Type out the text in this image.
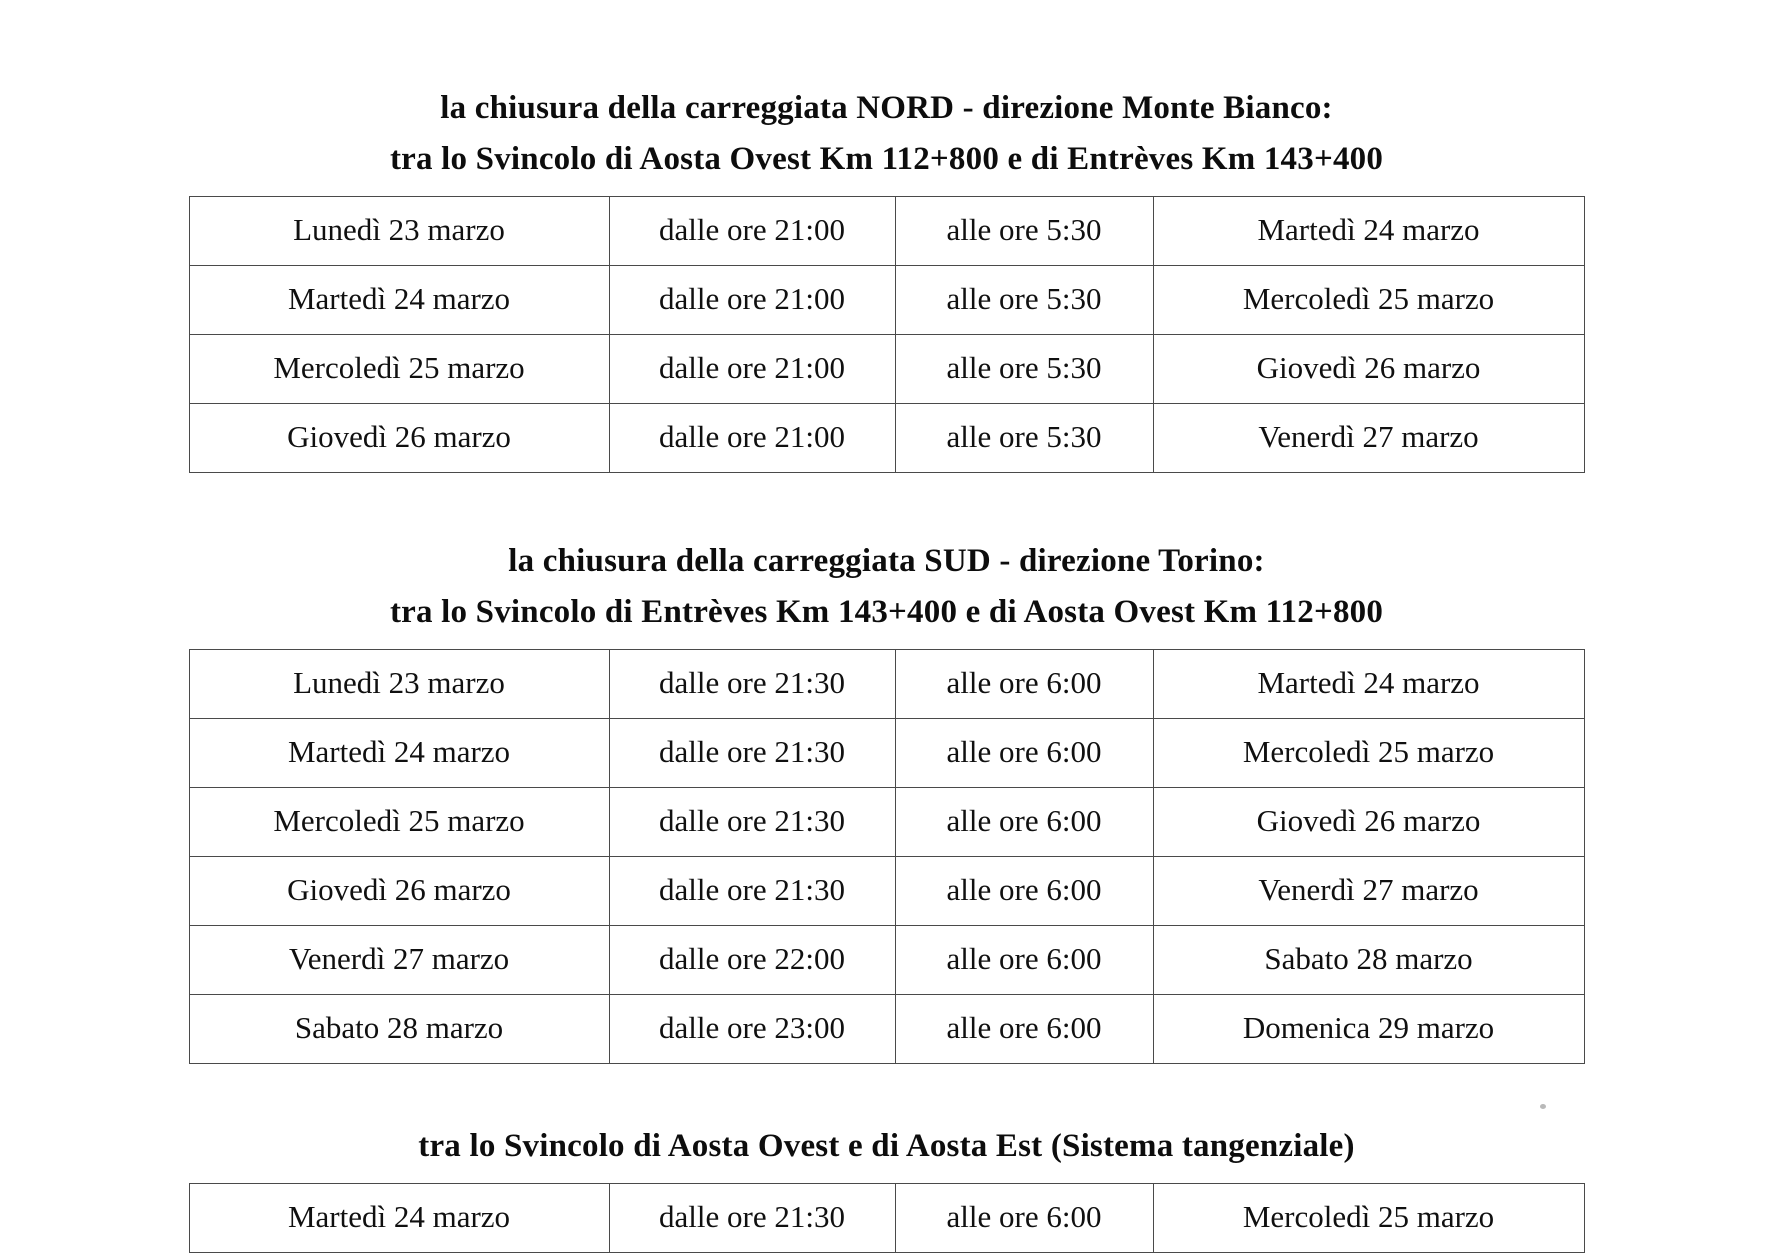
la chiusura della carreggiata NORD - direzione Monte Bianco:
tra lo Svincolo di Aosta Ovest Km 112+800 e di Entrèves Km 143+400
Lunedì 23 marzo	dalle ore 21:00	alle ore 5:30	Martedì 24 marzo
Martedì 24 marzo	dalle ore 21:00	alle ore 5:30	Mercoledì 25 marzo
Mercoledì 25 marzo	dalle ore 21:00	alle ore 5:30	Giovedì 26 marzo
Giovedì 26 marzo	dalle ore 21:00	alle ore 5:30	Venerdì 27 marzo
la chiusura della carreggiata SUD - direzione Torino:
tra lo Svincolo di Entrèves Km 143+400 e di Aosta Ovest Km 112+800
Lunedì 23 marzo	dalle ore 21:30	alle ore 6:00	Martedì 24 marzo
Martedì 24 marzo	dalle ore 21:30	alle ore 6:00	Mercoledì 25 marzo
Mercoledì 25 marzo	dalle ore 21:30	alle ore 6:00	Giovedì 26 marzo
Giovedì 26 marzo	dalle ore 21:30	alle ore 6:00	Venerdì 27 marzo
Venerdì 27 marzo	dalle ore 22:00	alle ore 6:00	Sabato 28 marzo
Sabato 28 marzo	dalle ore 23:00	alle ore 6:00	Domenica 29 marzo
tra lo Svincolo di Aosta Ovest e di Aosta Est (Sistema tangenziale)
Martedì 24 marzo	dalle ore 21:30	alle ore 6:00	Mercoledì 25 marzo
